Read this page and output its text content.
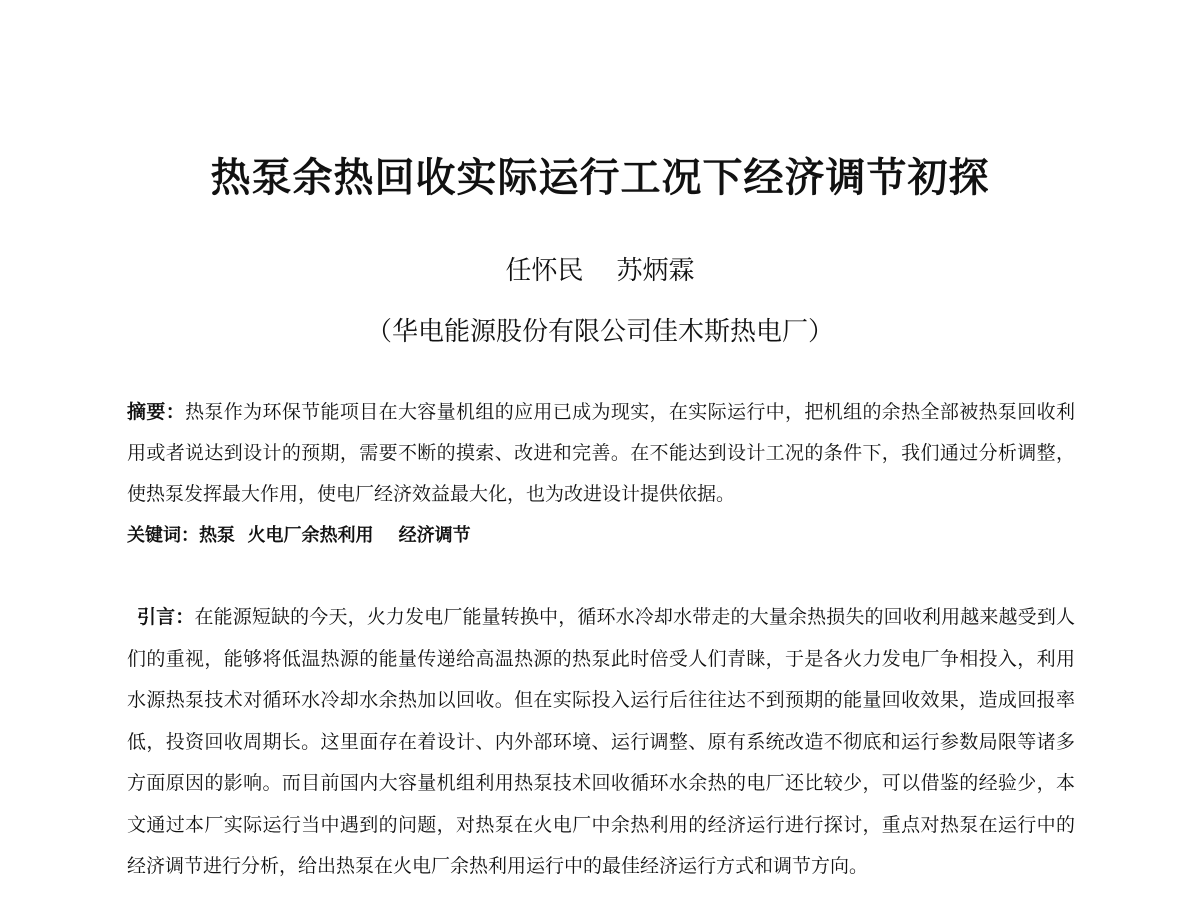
热泵余热回收实际运行工况下经济调节初探
任怀民    苏炳霖
（华电能源股份有限公司佳木斯热电厂）
摘要：热泵作为环保节能项目在大容量机组的应用已成为现实，在实际运行中，把机组的余热全部被热泵回收利用或者说达到设计的预期，需要不断的摸索、改进和完善。在不能达到设计工况的条件下，我们通过分析调整，使热泵发挥最大作用，使电厂经济效益最大化，也为改进设计提供依据。
关键词：热泵  火电厂余热利用    经济调节
引言：在能源短缺的今天，火力发电厂能量转换中，循环水冷却水带走的大量余热损失的回收利用越来越受到人们的重视，能够将低温热源的能量传递给高温热源的热泵此时倍受人们青睐，于是各火力发电厂争相投入，利用水源热泵技术对循环水冷却水余热加以回收。但在实际投入运行后往往达不到预期的能量回收效果，造成回报率低，投资回收周期长。这里面存在着设计、内外部环境、运行调整、原有系统改造不彻底和运行参数局限等诸多方面原因的影响。而目前国内大容量机组利用热泵技术回收循环水余热的电厂还比较少，可以借鉴的经验少，本文通过本厂实际运行当中遇到的问题，对热泵在火电厂中余热利用的经济运行进行探讨，重点对热泵在运行中的经济调节进行分析，给出热泵在火电厂余热利用运行中的最佳经济运行方式和调节方向。
